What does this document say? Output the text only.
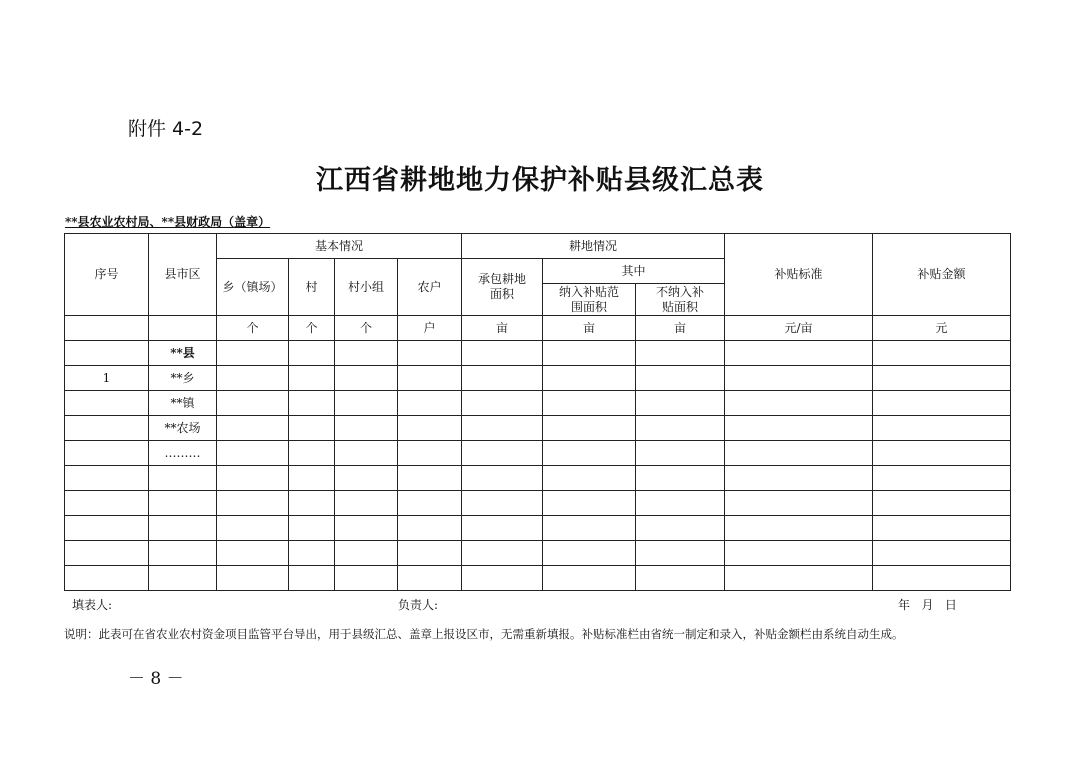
附件 4-2
江西省耕地地力保护补贴县级汇总表
**县农业农村局、**县财政局（盖章）
序号	县市区	基本情况				耕地情况			补贴标准	补贴金额
		乡（镇场）	村	村小组	农户	承包耕地面积	其中			
							纳入补贴范围面积	不纳入补贴面积		
		个	个	个	户	亩	亩	亩	元/亩	元
	**县									
1	**乡									
	**镇									
	**农场									
	………									

填表人:	负责人:	年   月   日
说明：此表可在省农业农村资金项目监管平台导出，用于县级汇总、盖章上报设区市，无需重新填报。补贴标准栏由省统一制定和录入，补贴金额栏由系统自动生成。
－ 8 －
